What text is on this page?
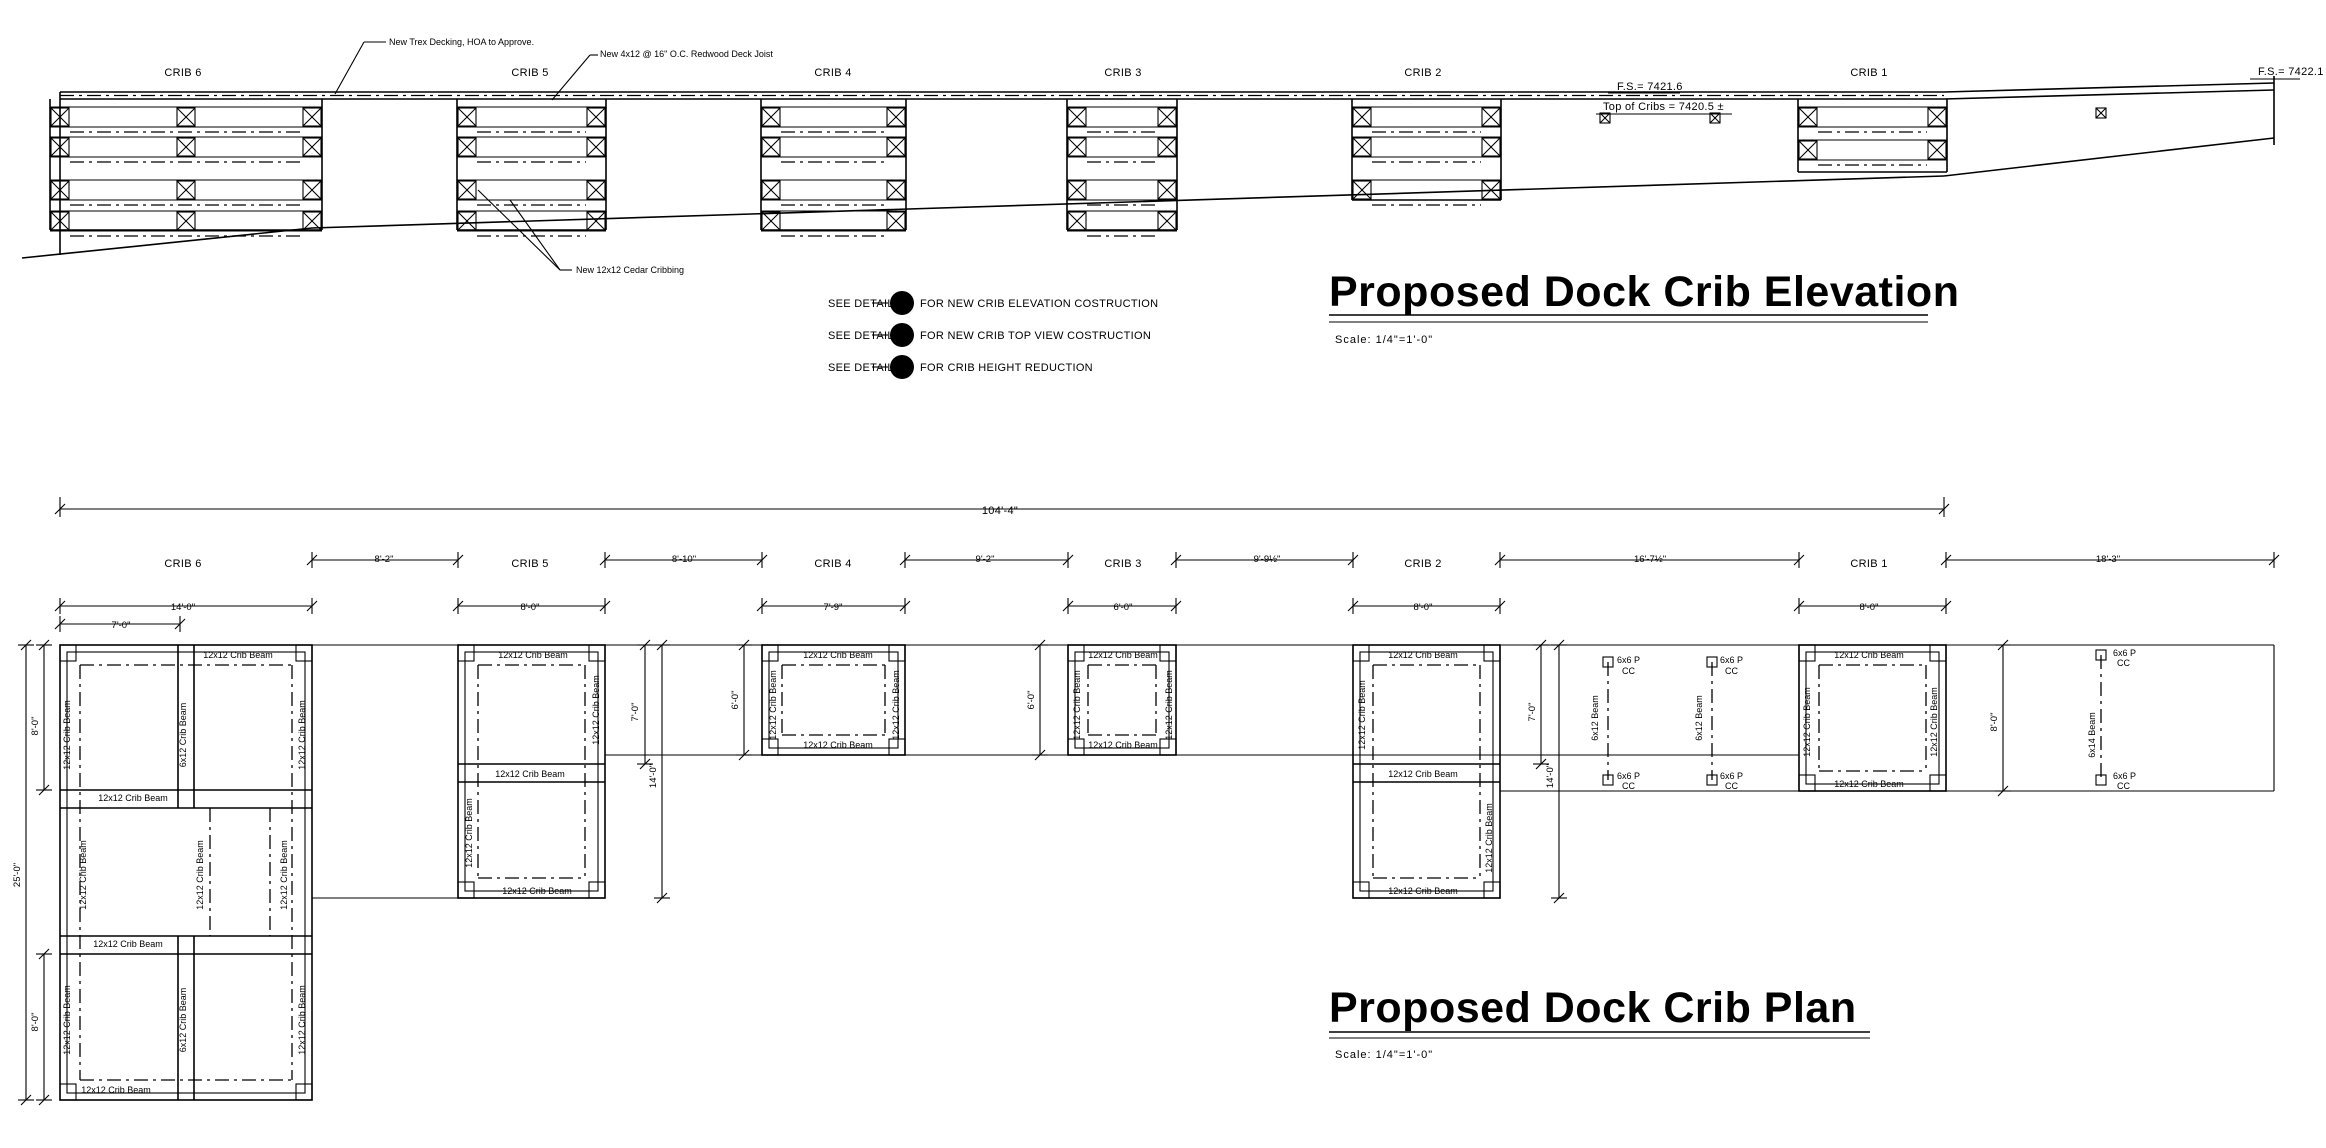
CRIB 6	CRIB 5	CRIB 4	CRIB 3	CRIB 2	CRIB 1
New Trex Decking, HOA to Approve.
New 4x12 @ 16" O.C. Redwood Deck Joist
New 12x12 Cedar Cribbing
F.S.= 7421.6
F.S.= 7422.1
Top of Cribs = 7420.5 ±
Proposed Dock Crib Elevation
Scale: 1/4"=1'-0"
SEE DETAIL 1
D2 FOR NEW CRIB ELEVATION COSTRUCTION
SEE DETAIL 2
D2 FOR NEW CRIB TOP VIEW COSTRUCTION
SEE DETAIL 3
D2 FOR CRIB HEIGHT REDUCTION
104'-4"
CRIB 6	CRIB 5	CRIB 4	CRIB 3	CRIB 2	CRIB 1
8'-2"	8'-10"	9'-2"	9'-9½"	16'-7½"	18'-3"
14'-0"	8'-0"	7'-9"	6'-0"	8'-0"	8'-0"
7'-0"
12x12 Crib Beam
12x12 Crib Beam
12x12 Crib Beam
12x12 Crib Beam
12x12 Crib Beam	6x12 Crib Beam	12x12 Crib Beam
12x12 Crib Beam	12x12 Crib Beam	12x12 Crib Beam
12x12 Crib Beam	6x12 Crib Beam	12x12 Crib Beam
12x12 Crib Beam
12x12 Crib Beam
12x12 Crib Beam
12x12 Crib Beam
12x12 Crib Beam
12x12 Crib Beam
12x12 Crib Beam
12x12 Crib Beam	12x12 Crib Beam
12x12 Crib Beam
12x12 Crib Beam
12x12 Crib Beam	12x12 Crib Beam
12x12 Crib Beam
12x12 Crib Beam
12x12 Crib Beam
12x12 Crib Beam
12x12 Crib Beam
12x12 Crib Beam
12x12 Crib Beam
12x12 Crib Beam	12x12 Crib Beam
6x12 Beam	6x12 Beam	6x14 Beam
6x6 P
CC
6x6 P
CC
6x6 P
CC
6x6 P
CC
6x6 P
CC
6x6 P
CC
25'-0"
8'-0"
8'-0"
7'-0"
14'-0"
6'-0"	6'-0"
7'-0"
14'-0"
8'-0"
Proposed Dock Crib Plan
Scale: 1/4"=1'-0"
